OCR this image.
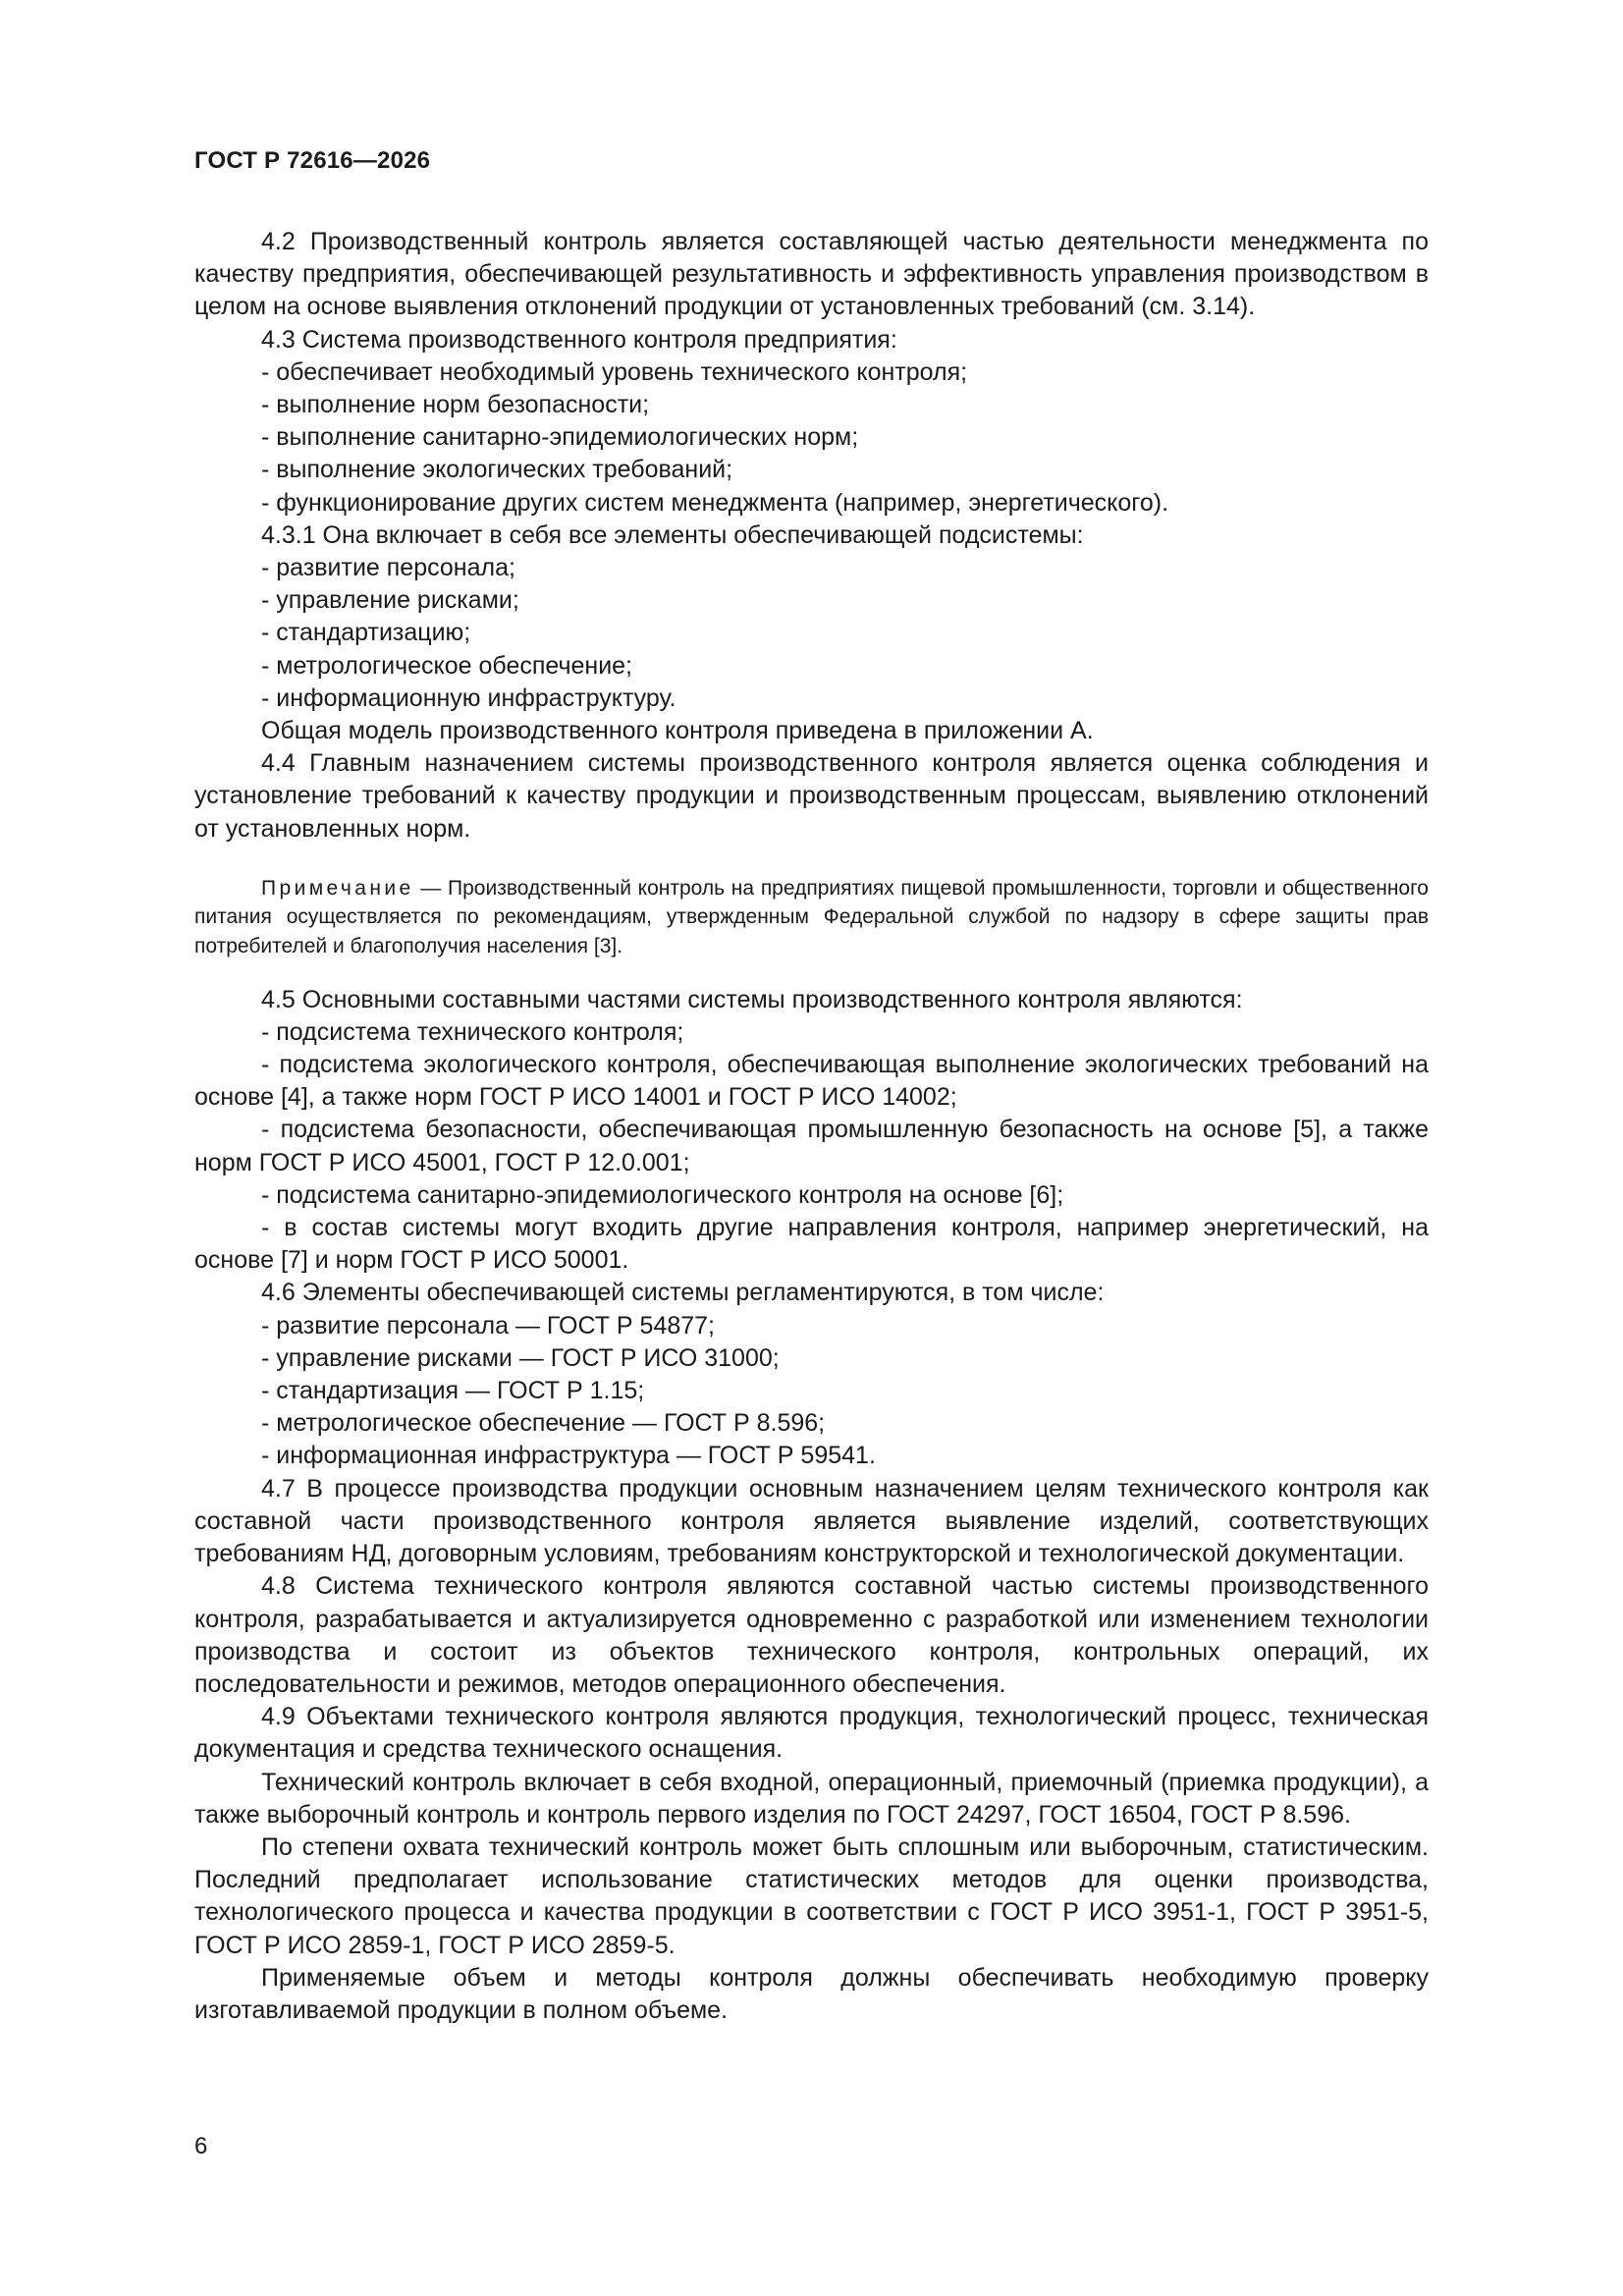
ГОСТ Р 72616—2026
4.2 Производственный контроль является составляющей частью деятельности менеджмента по качеству предприятия, обеспечивающей результативность и эффективность управления производством в целом на основе выявления отклонений продукции от установленных требований (см. 3.14).
4.3 Система производственного контроля предприятия:
- обеспечивает необходимый уровень технического контроля;
- выполнение норм безопасности;
- выполнение санитарно-эпидемиологических норм;
- выполнение экологических требований;
- функционирование других систем менеджмента (например, энергетического).
4.3.1 Она включает в себя все элементы обеспечивающей подсистемы:
- развитие персонала;
- управление рисками;
- стандартизацию;
- метрологическое обеспечение;
- информационную инфраструктуру.
Общая модель производственного контроля приведена в приложении А.
4.4 Главным назначением системы производственного контроля является оценка соблюдения и установление требований к качеству продукции и производственным процессам, выявлению отклонений от установленных норм.
Примечание — Производственный контроль на предприятиях пищевой промышленности, торговли и общественного питания осуществляется по рекомендациям, утвержденным Федеральной службой по надзору в сфере защиты прав потребителей и благополучия населения [3].
4.5 Основными составными частями системы производственного контроля являются:
- подсистема технического контроля;
- подсистема экологического контроля, обеспечивающая выполнение экологических требований на основе [4], а также норм ГОСТ Р ИСО 14001 и ГОСТ Р ИСО 14002;
- подсистема безопасности, обеспечивающая промышленную безопасность на основе [5], а также норм ГОСТ Р ИСО 45001, ГОСТ Р 12.0.001;
- подсистема санитарно-эпидемиологического контроля на основе [6];
- в состав системы могут входить другие направления контроля, например энергетический, на основе [7] и норм ГОСТ Р ИСО 50001.
4.6 Элементы обеспечивающей системы регламентируются, в том числе:
- развитие персонала — ГОСТ Р 54877;
- управление рисками — ГОСТ Р ИСО 31000;
- стандартизация — ГОСТ Р 1.15;
- метрологическое обеспечение — ГОСТ Р 8.596;
- информационная инфраструктура — ГОСТ Р 59541.
4.7 В процессе производства продукции основным назначением целям технического контроля как составной части производственного контроля является выявление изделий, соответствующих требованиям НД, договорным условиям, требованиям конструкторской и технологической документации.
4.8 Система технического контроля являются составной частью системы производственного контроля, разрабатывается и актуализируется одновременно с разработкой или изменением технологии производства и состоит из объектов технического контроля, контрольных операций, их последовательности и режимов, методов операционного обеспечения.
4.9 Объектами технического контроля являются продукция, технологический процесс, техническая документация и средства технического оснащения.
Технический контроль включает в себя входной, операционный, приемочный (приемка продукции), а также выборочный контроль и контроль первого изделия по ГОСТ 24297, ГОСТ 16504, ГОСТ Р 8.596.
По степени охвата технический контроль может быть сплошным или выборочным, статистическим. Последний предполагает использование статистических методов для оценки производства, технологического процесса и качества продукции в соответствии с ГОСТ Р ИСО 3951-1, ГОСТ Р 3951-5, ГОСТ Р ИСО 2859-1, ГОСТ Р ИСО 2859-5.
Применяемые объем и методы контроля должны обеспечивать необходимую проверку изготавливаемой продукции в полном объеме.
6
